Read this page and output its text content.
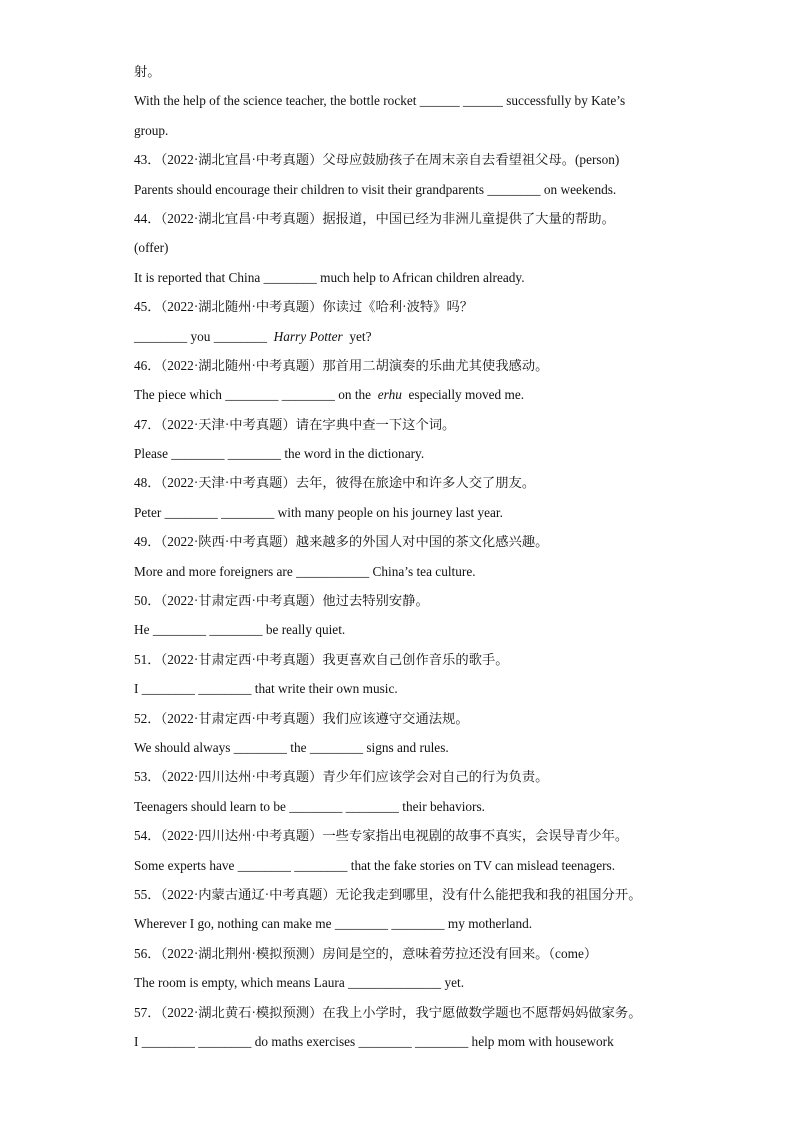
射。
With the help of the science teacher, the bottle rocket ______ ______ successfully by Kate’s
group.
43．（2022·湖北宜昌·中考真题）父母应鼓励孩子在周末亲自去看望祖父母。(person)
Parents should encourage their children to visit their grandparents ________ on weekends.
44．（2022·湖北宜昌·中考真题）据报道，中国已经为非洲儿童提供了大量的帮助。
(offer)
It is reported that China ________ much help to African children already.
45．（2022·湖北随州·中考真题）你读过《哈利·波特》吗？
________ you ________  Harry Potter  yet?
46．（2022·湖北随州·中考真题）那首用二胡演奏的乐曲尤其使我感动。
The piece which ________ ________ on the  erhu  especially moved me.
47．（2022·天津·中考真题）请在字典中查一下这个词。
Please ________ ________ the word in the dictionary.
48．（2022·天津·中考真题）去年，彼得在旅途中和许多人交了朋友。
Peter ________ ________ with many people on his journey last year.
49．（2022·陕西·中考真题）越来越多的外国人对中国的茶文化感兴趣。
More and more foreigners are ___________ China’s tea culture.
50．（2022·甘肃定西·中考真题）他过去特别安静。
He ________ ________ be really quiet.
51．（2022·甘肃定西·中考真题）我更喜欢自己创作音乐的歌手。
I ________ ________ that write their own music.
52．（2022·甘肃定西·中考真题）我们应该遵守交通法规。
We should always ________ the ________ signs and rules.
53．（2022·四川达州·中考真题）青少年们应该学会对自己的行为负责。
Teenagers should learn to be ________ ________ their behaviors.
54．（2022·四川达州·中考真题）一些专家指出电视剧的故事不真实，会误导青少年。
Some experts have ________ ________ that the fake stories on TV can mislead teenagers.
55．（2022·内蒙古通辽·中考真题）无论我走到哪里，没有什么能把我和我的祖国分开。
Wherever I go, nothing can make me ________ ________ my motherland.
56．（2022·湖北荆州·模拟预测）房间是空的，意味着劳拉还没有回来。（come）
The room is empty, which means Laura ______________ yet.
57．（2022·湖北黄石·模拟预测）在我上小学时，我宁愿做数学题也不愿帮妈妈做家务。
I ________ ________ do maths exercises ________ ________ help mom with housework
